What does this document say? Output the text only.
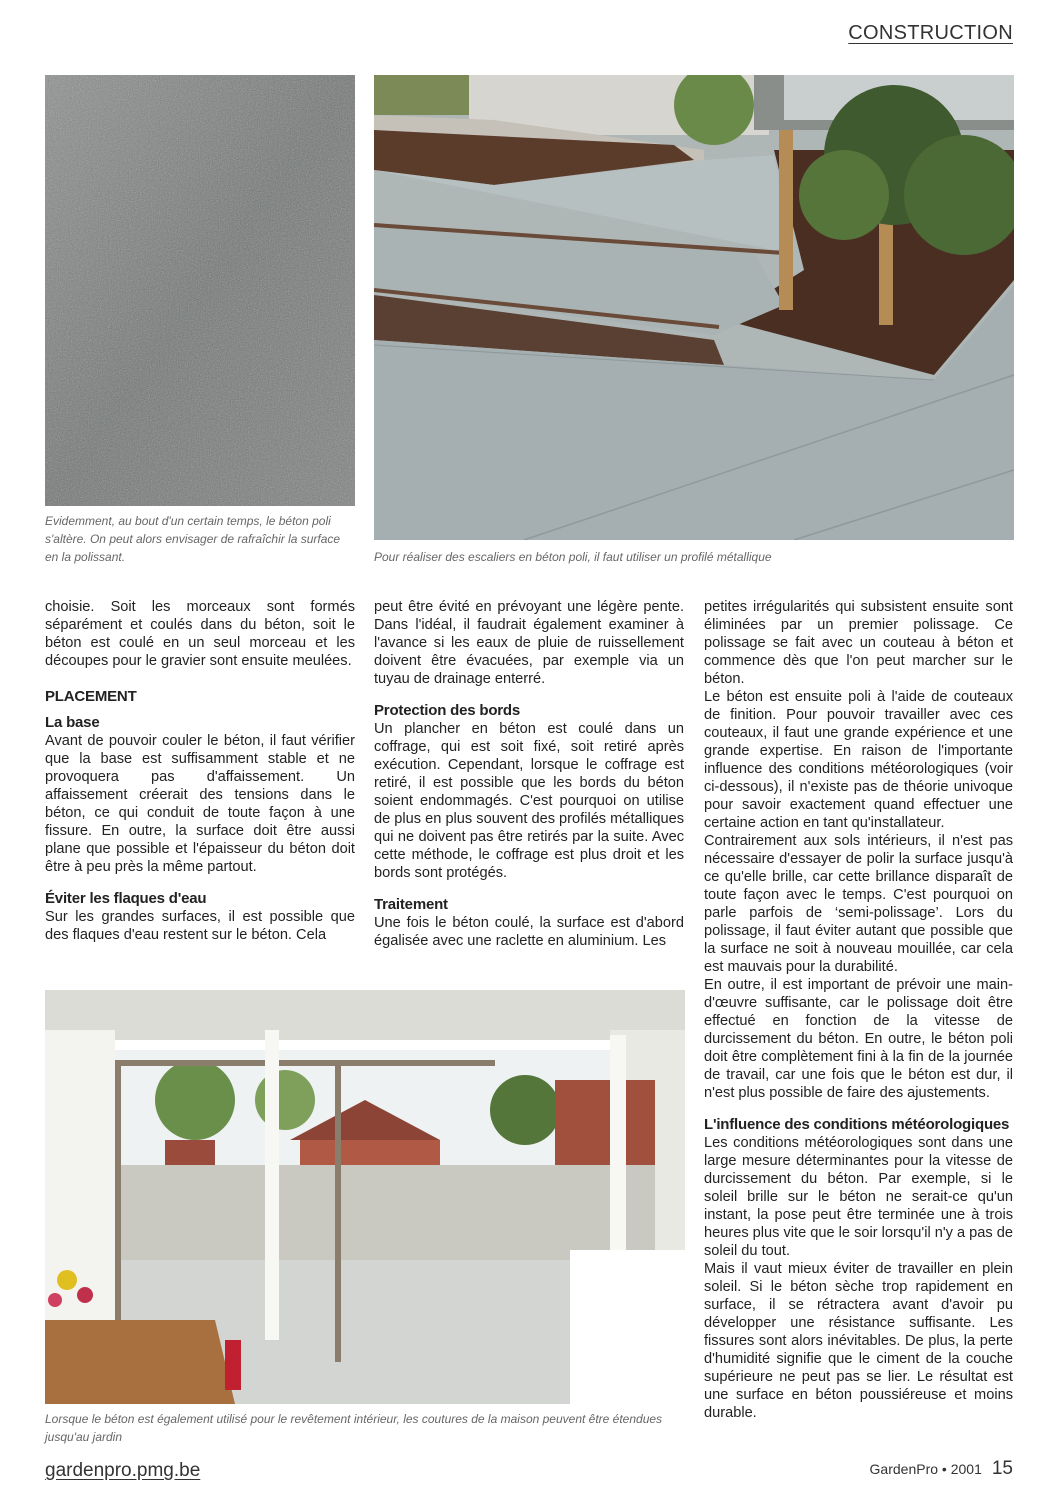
CONSTRUCTION
Evidemment, au bout d'un certain temps, le béton poli s'altère. On peut alors envisager de rafraîchir la surface en la polissant.	Pour réaliser des escaliers en béton poli, il faut utiliser un profilé métallique

choisie. Soit les morceaux sont formés séparément et coulés dans du béton, soit le béton est coulé en un seul morceau et les découpes pour le gravier sont ensuite meulées.

PLACEMENT
La base

Avant de pouvoir couler le béton, il faut vérifier que la base est suffisamment stable et ne provoquera pas d'affaissement. Un affaissement créerait des tensions dans le béton, ce qui conduit de toute façon à une fissure. En outre, la surface doit être aussi plane que possible et l'épaisseur du béton doit être à peu près la même partout.

Éviter les flaques d'eau

Sur les grandes surfaces, il est possible que des flaques d'eau restent sur le béton. Cela

peut être évité en prévoyant une légère pente. Dans l'idéal, il faudrait également examiner à l'avance si les eaux de pluie de ruissellement doivent être évacuées, par exemple via un tuyau de drainage enterré.

Protection des bords

Un plancher en béton est coulé dans un coffrage, qui est soit fixé, soit retiré après exécution. Cependant, lorsque le coffrage est retiré, il est possible que les bords du béton soient endommagés. C'est pourquoi on utilise de plus en plus souvent des profilés métalliques qui ne doivent pas être retirés par la suite. Avec cette méthode, le coffrage est plus droit et les bords sont protégés.

Traitement

Une fois le béton coulé, la surface est d'abord égalisée avec une raclette en aluminium. Les

petites irrégularités qui subsistent ensuite sont éliminées par un premier polissage. Ce polissage se fait avec un couteau à béton et commence dès que l'on peut marcher sur le béton.

Le béton est ensuite poli à l'aide de couteaux de finition. Pour pouvoir travailler avec ces couteaux, il faut une grande expérience et une grande expertise. En raison de l'importante influence des conditions météorologiques (voir ci-dessous), il n'existe pas de théorie univoque pour savoir exactement quand effectuer une certaine action en tant qu'installateur.

Contrairement aux sols intérieurs, il n'est pas nécessaire d'essayer de polir la surface jusqu'à ce qu'elle brille, car cette brillance disparaît de toute façon avec le temps. C'est pourquoi on parle parfois de ‘semi-polissage’. Lors du polissage, il faut éviter autant que possible que la surface ne soit à nouveau mouillée, car cela est mauvais pour la durabilité.

En outre, il est important de prévoir une main-d'œuvre suffisante, car le polissage doit être effectué en fonction de la vitesse de durcissement du béton. En outre, le béton poli doit être complètement fini à la fin de la journée de travail, car une fois que le béton est dur, il n'est plus possible de faire des ajustements.

L'influence des conditions météorologiques

Les conditions météorologiques sont dans une large mesure déterminantes pour la vitesse de durcissement du béton. Par exemple, si le soleil brille sur le béton ne serait-ce qu'un instant, la pose peut être terminée une à trois heures plus vite que le soir lorsqu'il n'y a pas de soleil du tout.

Mais il vaut mieux éviter de travailler en plein soleil. Si le béton sèche trop rapidement en surface, il se rétractera avant d'avoir pu développer une résistance suffisante. Les fissures sont alors inévitables. De plus, la perte d'humidité signifie que le ciment de la couche supérieure ne peut pas se lier. Le résultat est une surface en béton poussiéreuse et moins durable.

© archimedia.be
Lorsque le béton est également utilisé pour le revêtement intérieur, les coutures de la maison peuvent être étendues jusqu'au jardin
gardenpro.pmg.be	GardenPro • 2001 15
